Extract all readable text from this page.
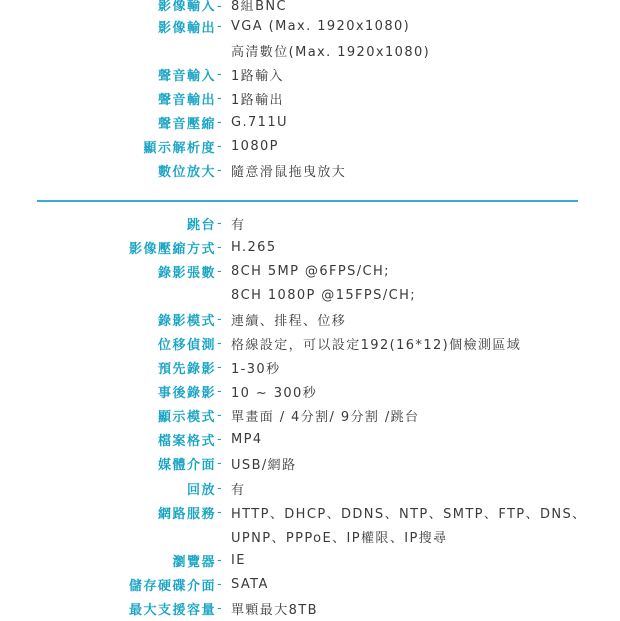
影像輸入 - 8組BNC
影像輸出 - VGA (Max. 1920x1080)
高清數位(Max. 1920x1080)
聲音輸入 - 1路輸入
聲音輸出 - 1路輸出
聲音壓縮 - G.711U
顯示解析度 - 1080P
數位放大 - 隨意滑鼠拖曳放大
跳台 - 有
影像壓縮方式 - H.265
錄影張數 - 8CH 5MP @6FPS/CH;
8CH 1080P @15FPS/CH;
錄影模式 - 連續、排程、位移
位移偵測 - 格線設定，可以設定192(16*12)個檢測區域
預先錄影 - 1-30秒
事後錄影 - 10 ~ 300秒
顯示模式 - 單畫面 / 4分割/ 9分割 /跳台
檔案格式 - MP4
媒體介面 - USB/網路
回放 - 有
網路服務 - HTTP、DHCP、DDNS、NTP、SMTP、FTP、DNS、
UPNP、PPPoE、IP權限、IP搜尋
瀏覽器 - IE
儲存硬碟介面 - SATA
最大支援容量 - 單顆最大8TB
